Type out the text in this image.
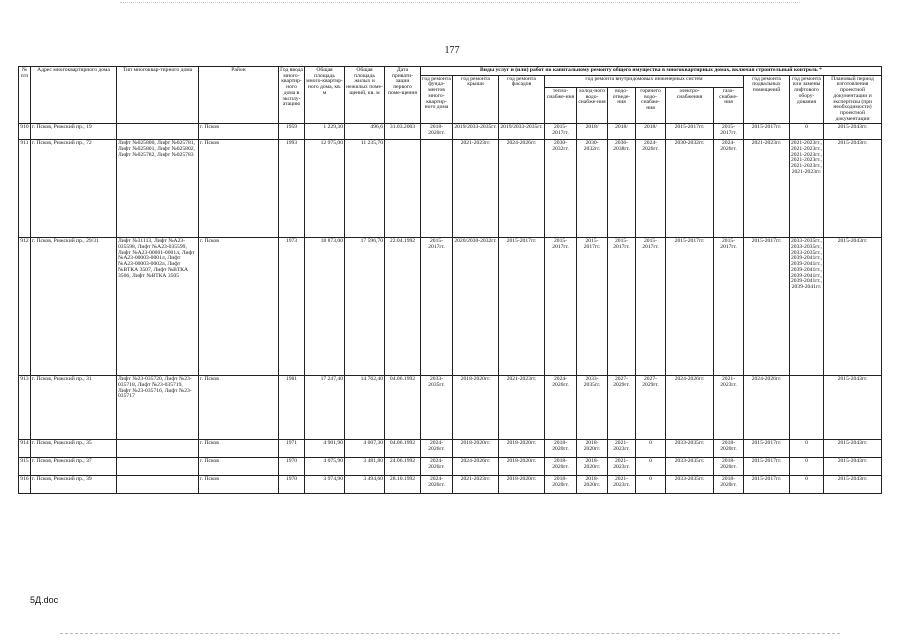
177
№ п/п	Адрес многоквартирного дома	Тип многоквар-тирного дома	Район	Год ввода много-квартир-ного дома в эксплу-атацию	Общая площадь много-квартир-ного дома, кв. м	Общая площадь жилых и нежилых поме-щений, кв. м	Дата привати-зации первого поме-щения	Виды услуг и (или) работ по капитальному ремонту общего имущества в многоквартирных домах, включая строительный контроль *											
								год ремонта фунда-ментов много-квартир-ного дома	год ремонта крыши	год ремонта фасадов	год ремонта внутридомовых инженерных систем						год ремонта подвальных помещений	год ремонта или замены лифтового обору-дования	Плановый период изготовления проектной документации и экспертизы (при необходимости) проектной документации
											тепло-снабже-ния	холод-ного водо-снабже-ния	водо-отведе-ния	горячего водо-снабже-ния	электро-снабжения	газо-снабже-ния			
910	г. Псков, Рижский пр., 19		г. Псков	1959	1 229,30	496,6	31.03.2003	2018-2020гг.	2019/2033-2035гг.	2019/2033-2035гг.	2015-2017гг.	2018/	2018/	2018/	2015-2017гг.	2015-2017гг.	2015-2017гг.	0	2015-2043гг.
911	г. Псков, Рижский пр., 72	Лифт №025800, Лифт №025781, Лифт №025801, Лифт №025802, Лифт №025782, Лифт №025783	г. Псков	1993	12 975,00	11 235,70			2021-2023гг.	2024-2026гг.	2030-2032гг.	2030-2032гг.	2036-2038гг.	2024-2026гг.	2030-2032гг.	2024-2026гг.	2021-2023гг.	2021-2023гг., 2021-2023гг., 2021-2023гг., 2021-2023гг., 2021-2023гг., 2021-2023гг.	2015-2043гг.
912	г. Псков, Рижский пр., 29/31	Лифт №31113, Лифт №А23-035598, Лифт №А23-035599, Лифт №А23-00001-0001л, Лифт №А23-00003-0001л, Лифт №А23-00003-0002л, Лифт №ВТКА 3507, Лифт №ВТКА 3506, Лифт №ВТКА 3505	г. Псков	1973	18 873,00	17 596,70	22.04.1992	2015-2017гг.	2020/2030-2032гг.	2015-2017гг.	2015-2017гг.	2015-2017гг.	2015-2017гг.	2015-2017гг.	2015-2017гг.	2015-2017гг.	2015-2017гг.	2033-2035гг., 2033-2035гг., 2033-2035гг., 2039-2041гг., 2039-2041гг., 2039-2041гг., 2039-2041гг., 2039-2041гг., 2039-2041гг.	2015-2043гг.
913	г. Псков, Рижский пр., 31	Лифт №23-035720, Лифт №23-035718, Лифт №23-035719, Лифт №23-035716, Лифт №23-035717	г. Псков	1981	17 247,40	14 762,40	04.06.1992	2033-2035гг.	2018-2020гг.	2021-2023гг.	2024-2026гг.	2033-2035гг.	2027-2029гг.	2027-2029гг.	2024-2026гг.	2021-2023гг.	2024-2026гг.		2015-2043гг.
914	г. Псков, Рижский пр., 35		г. Псков	1971	4 901,90	4 007,30	04.06.1992	2024-2026гг.	2018-2020гг.	2018-2020гг.	2018-2020гг.	2018-2020гг.	2021-2023гг.	0	2033-2035гг.	2018-2020гг.	2015-2017гг.	0	2015-2043гг.
915	г. Псков, Рижский пр., 37		г. Псков	1970	4 075,90	3 481,80	24.06.1992	2024-2026гг.	2024-2026гг.	2018-2020гг.	2018-2020гг.	2018-2020гг.	2021-2023гг.	0	2033-2035гг.	2018-2020гг.	2015-2017гг.	0	2015-2043гг.
916	г. Псков, Рижский пр., 39		г. Псков	1970	3 974,90	3 494,60	28.10.1992	2024-2026гг.	2021-2023гг.	2018-2020гг.	2018-2020гг.	2018-2020гг.	2021-2023гг.	0	2033-2035гг.	2018-2020гг.	2015-2017гг.	0	2015-2043гг.
5Д.doc
